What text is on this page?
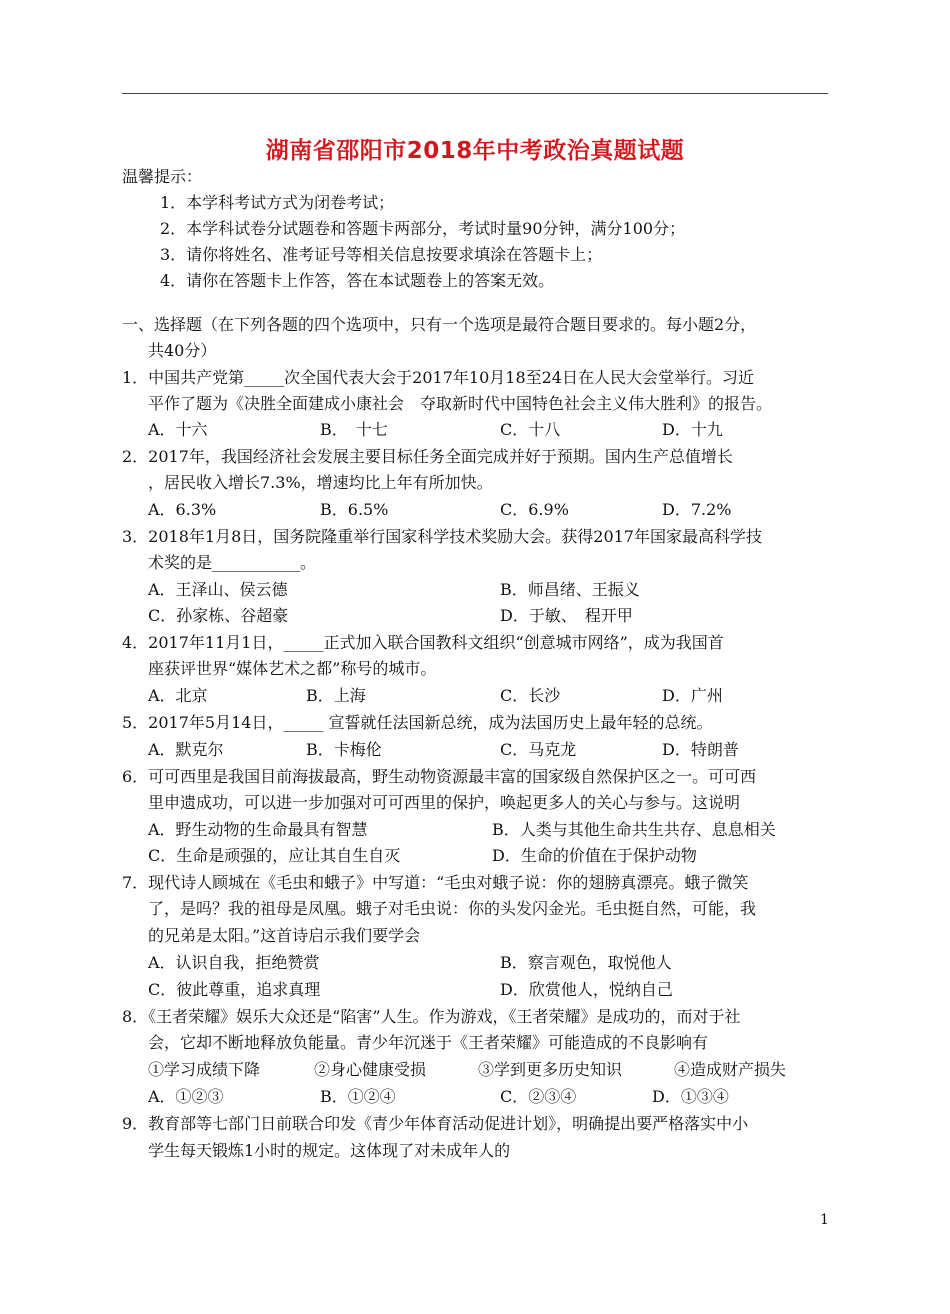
湖南省邵阳市2018年中考政治真题试题
温馨提示：
1．本学科考试方式为闭卷考试；
2．本学科试卷分试题卷和答题卡两部分，考试时量90分钟，满分100分；
3．请你将姓名、准考证号等相关信息按要求填涂在答题卡上；
4．请你在答题卡上作答，答在本试题卷上的答案无效。
一、选择题（在下列各题的四个选项中，只有一个选项是最符合题目要求的。每小题2分，
共40分）
1．中国共产党第_____次全国代表大会于2017年10月18至24日在人民大会堂举行。习近
平作了题为《决胜全面建成小康社会　夺取新时代中国特色社会主义伟大胜利》的报告。
A．十六	B．　十七	C．十八	D．十九
2．2017年，我国经济社会发展主要目标任务全面完成并好于预期。国内生产总值增长
，居民收入增长7.3%，增速均比上年有所加快。
A．6.3%	B．6.5%	C．6.9%	D．7.2%
3．2018年1月8日，国务院隆重举行国家科学技术奖励大会。获得2017年国家最高科学技
术奖的是___________。
A．王泽山、侯云德	B．师昌绪、王振义
C．孙家栋、谷超豪	D．于敏、　程开甲
4．2017年11月1日，_____正式加入联合国教科文组织“创意城市网络”，成为我国首
座获评世界“媒体艺术之都”称号的城市。
A．北京	B．上海	C．长沙	D．广州
5．2017年5月14日，_____ 宣誓就任法国新总统，成为法国历史上最年轻的总统。
A．默克尔	B．卡梅伦	C．马克龙	D．特朗普
6．可可西里是我国目前海拔最高，野生动物资源最丰富的国家级自然保护区之一。可可西
里申遗成功，可以进一步加强对可可西里的保护，唤起更多人的关心与参与。这说明
A．野生动物的生命最具有智慧	B．人类与其他生命共生共存、息息相关
C．生命是顽强的，应让其自生自灭	D．生命的价值在于保护动物
7．现代诗人顾城在《毛虫和蛾子》中写道：“毛虫对蛾子说：你的翅膀真漂亮。蛾子微笑
了，是吗？我的祖母是凤凰。蛾子对毛虫说：你的头发闪金光。毛虫挺自然，可能，我
的兄弟是太阳。”这首诗启示我们要学会
A．认识自我，拒绝赞赏	B．察言观色，取悦他人
C．彼此尊重，追求真理	D．欣赏他人，悦纳自己
8．《王者荣耀》娱乐大众还是“陷害”人生。作为游戏，《王者荣耀》是成功的，而对于社
会，它却不断地释放负能量。青少年沉迷于《王者荣耀》可能造成的不良影响有
①学习成绩下降	②身心健康受损	③学到更多历史知识	④造成财产损失
A．①②③	B．①②④	C．②③④	D．①③④
9．教育部等七部门日前联合印发《青少年体育活动促进计划》，明确提出要严格落实中小
学生每天锻炼1小时的规定。这体现了对未成年人的
1
